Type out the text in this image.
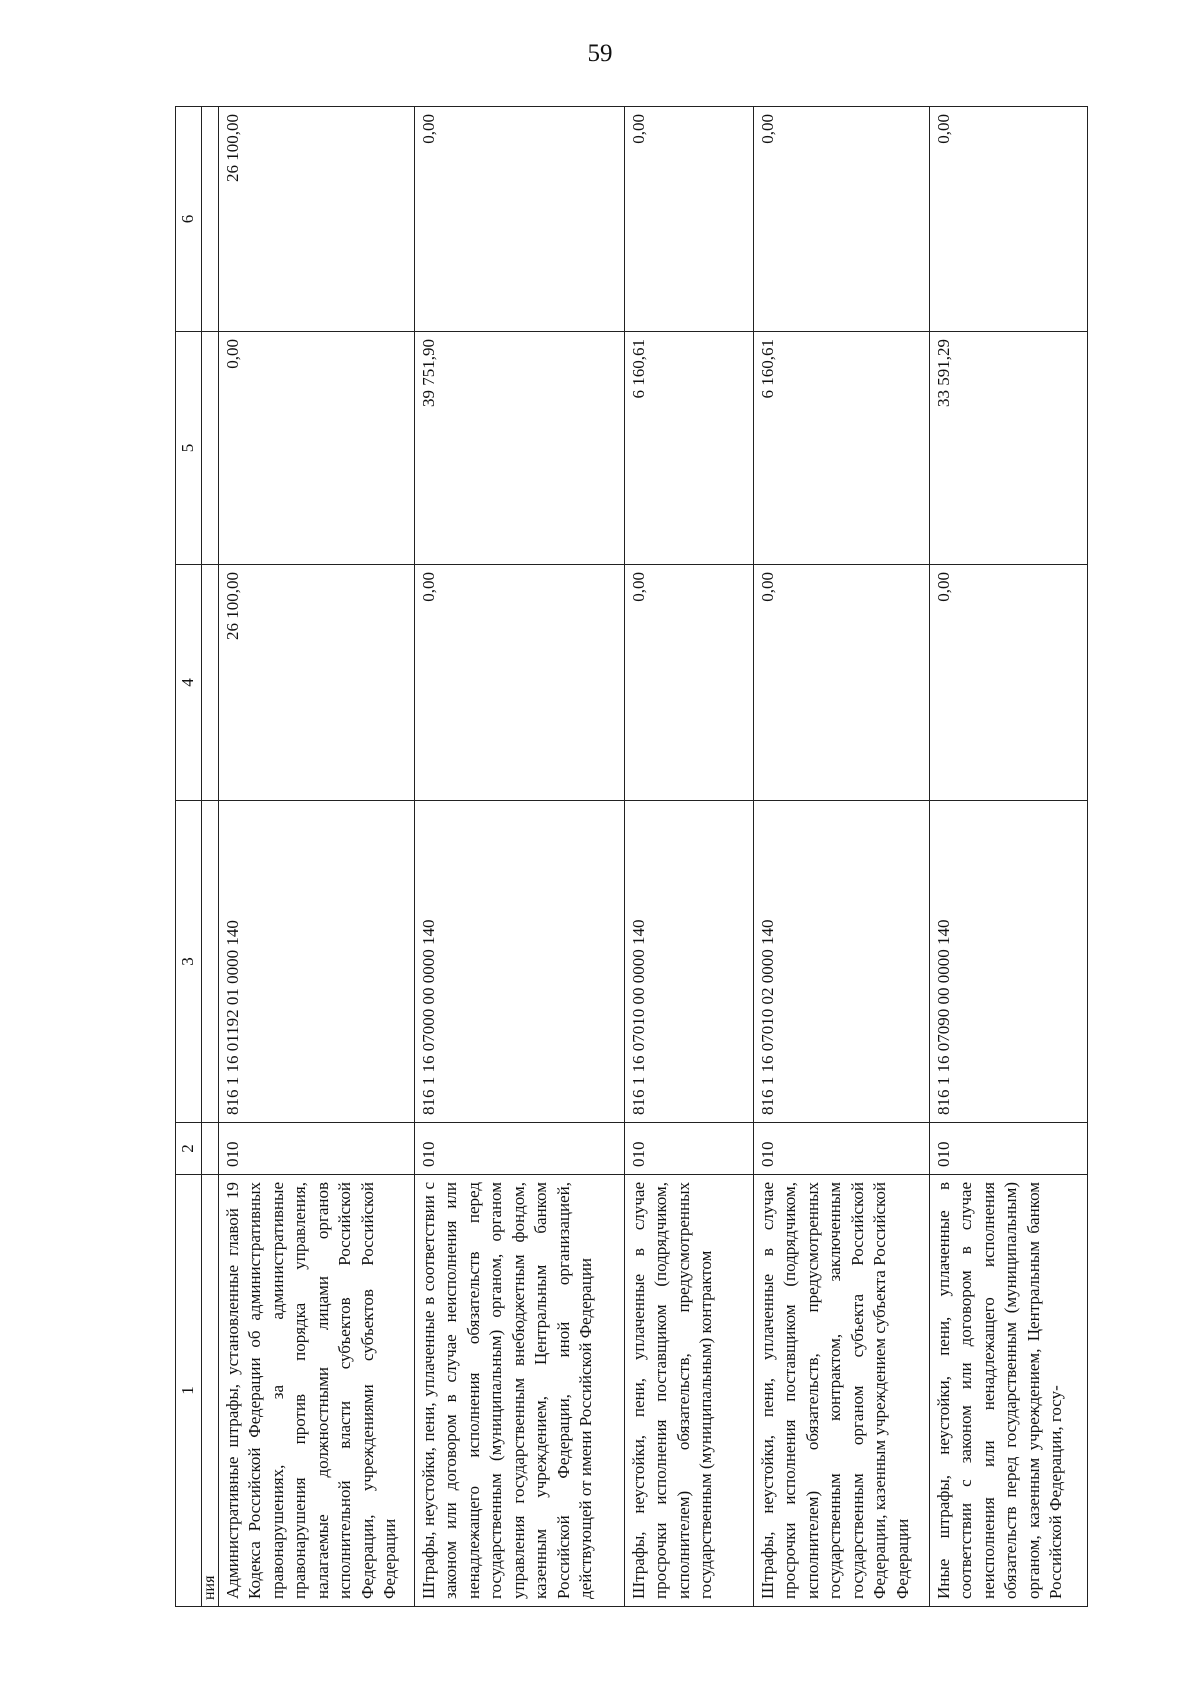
59
1	2	3	4	5	6
ния					
Административные штрафы, установленные главой 19 Кодекса Российской Федерации об административных правонарушениях, за административные правонарушения против порядка управления, налагаемые должностными лицами органов исполнительной власти субъектов Российской Федерации, учреждениями субъектов Российской Федерации	010	816 1 16 01192 01 0000 140	26 100,00	0,00	26 100,00
Штрафы, неустойки, пени, уплаченные в соответствии с законом или договором в случае неисполнения или ненадлежащего исполнения обязательств перед государственным (муниципальным) органом, органом управления государственным внебюджетным фондом, казенным учреждением, Центральным банком Российской Федерации, иной организацией, действующей от имени Российской Федерации	010	816 1 16 07000 00 0000 140	0,00	39 751,90	0,00
Штрафы, неустойки, пени, уплаченные в случае просрочки исполнения поставщиком (подрядчиком, исполнителем) обязательств, предусмотренных государственным (муниципальным) контрактом	010	816 1 16 07010 00 0000 140	0,00	6 160,61	0,00
Штрафы, неустойки, пени, уплаченные в случае просрочки исполнения поставщиком (подрядчиком, исполнителем) обязательств, предусмотренных государственным контрактом, заключенным государственным органом субъекта Российской Федерации, казенным учреждением субъекта Российской Федерации	010	816 1 16 07010 02 0000 140	0,00	6 160,61	0,00
Иные штрафы, неустойки, пени, уплаченные в соответствии с законом или договором в случае неисполнения или ненадлежащего исполнения обязательств перед государственным (муниципальным) органом, казенным учреждением, Центральным банком Российской Федерации, госу-	010	816 1 16 07090 00 0000 140	0,00	33 591,29	0,00
